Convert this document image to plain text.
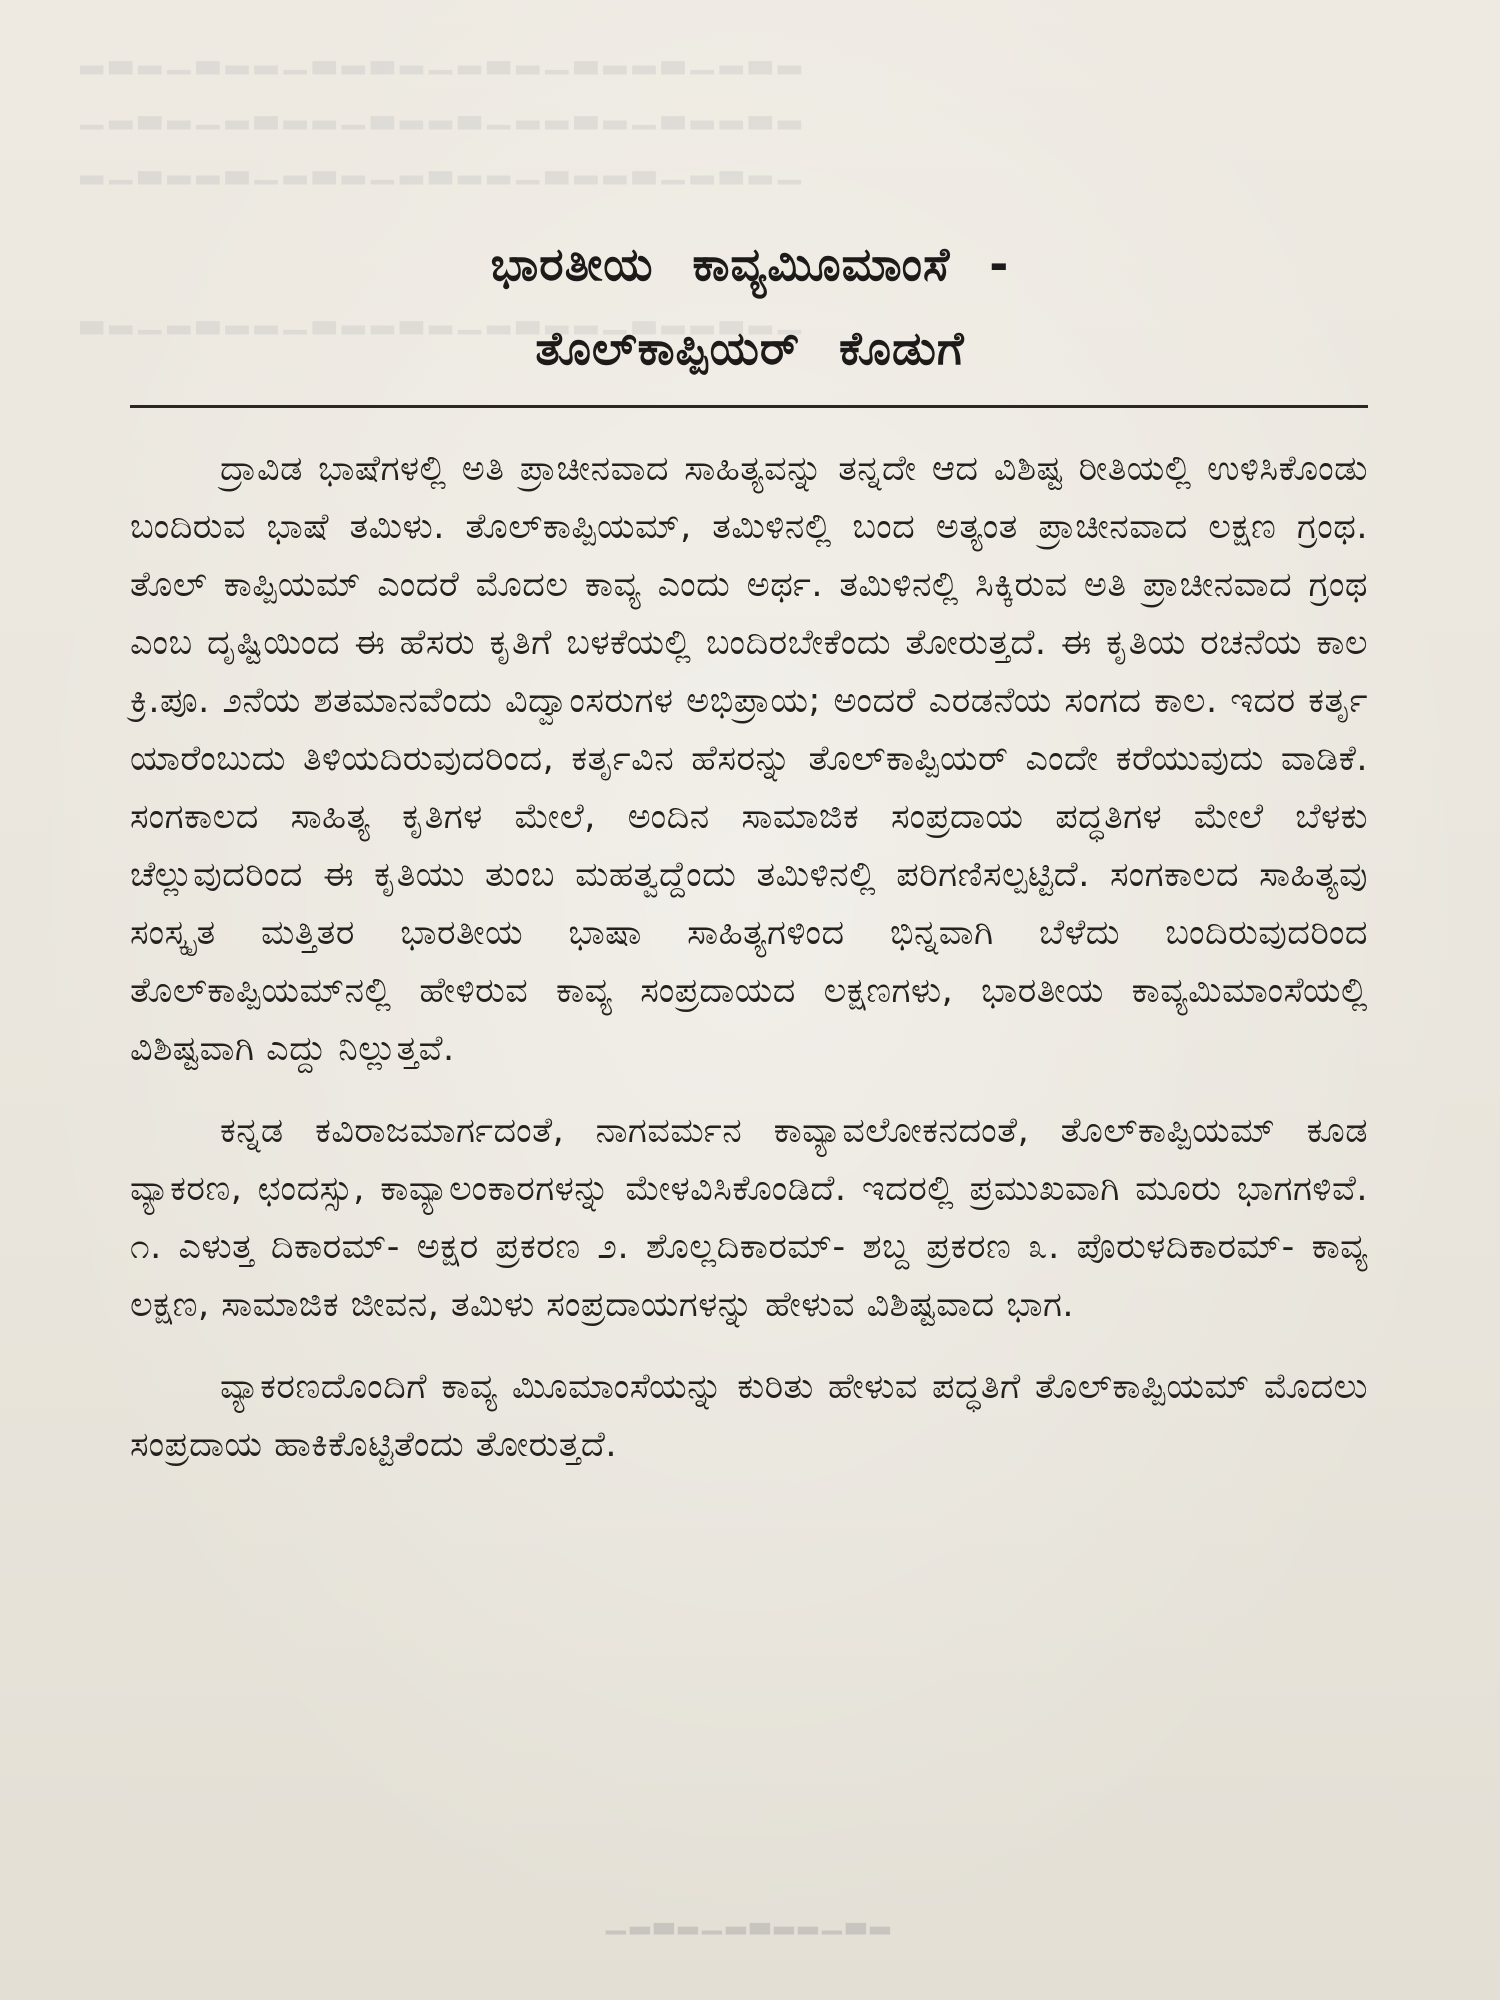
▂▃▂▁▃▂▂▁▃▂▃▂▁▂▃▂▁▃▂▂▃▁▂▃▂
▁▂▃▂▁▂▃▂▂▁▃▂▂▃▁▂▂▃▂▁▃▂▂▃▂
▂▁▃▂▂▃▁▂▃▂▁▂▃▂▂▁▃▂▂▃▁▂▃▂▁
▃▂▁▂▃▂▂▁▃▂▂▃▂▁▂▃▂▂▁▃▂▂▃▂▁
ಭಾರತೀಯ ಕಾವ್ಯಮಿೂಮಾಂಸೆ -
ತೊಲ್‌ಕಾಪ್ಪಿಯರ್ ಕೊಡುಗೆ

ದ್ರಾವಿಡ ಭಾಷೆಗಳಲ್ಲಿ ಅತಿ ಪ್ರಾಚೀನವಾದ ಸಾಹಿತ್ಯವನ್ನು ತನ್ನದೇ ಆದ ವಿಶಿಷ್ಟ ರೀತಿಯಲ್ಲಿ ಉಳಿಸಿಕೊಂಡು ಬಂದಿರುವ ಭಾಷೆ ತಮಿಳು. ತೊಲ್‌ಕಾಪ್ಪಿಯಮ್, ತಮಿಳಿನಲ್ಲಿ ಬಂದ ಅತ್ಯಂತ ಪ್ರಾಚೀನವಾದ ಲಕ್ಷಣ ಗ್ರಂಥ. ತೊಲ್ ಕಾಪ್ಪಿಯಮ್ ಎಂದರೆ ಮೊದಲ ಕಾವ್ಯ ಎಂದು ಅರ್ಥ. ತಮಿಳಿನಲ್ಲಿ ಸಿಕ್ಕಿರುವ ಅತಿ ಪ್ರಾಚೀನವಾದ ಗ್ರಂಥ ಎಂಬ ದೃಷ್ಟಿಯಿಂದ ಈ ಹೆಸರು ಕೃತಿಗೆ ಬಳಕೆಯಲ್ಲಿ ಬಂದಿರಬೇಕೆಂದು ತೋರುತ್ತದೆ. ಈ ಕೃತಿಯ ರಚನೆಯ ಕಾಲ ಕ್ರಿ.ಪೂ. ೨ನೆಯ ಶತಮಾನವೆಂದು ವಿದ್ವಾಂಸರುಗಳ ಅಭಿಪ್ರಾಯ; ಅಂದರೆ ಎರಡನೆಯ ಸಂಗದ ಕಾಲ. ಇದರ ಕರ್ತೃ ಯಾರೆಂಬುದು ತಿಳಿಯದಿರುವುದರಿಂದ, ಕರ್ತೃವಿನ ಹೆಸರನ್ನು ತೊಲ್‌ಕಾಪ್ಪಿಯರ್ ಎಂದೇ ಕರೆಯುವುದು ವಾಡಿಕೆ. ಸಂಗಕಾಲದ ಸಾಹಿತ್ಯ ಕೃತಿಗಳ ಮೇಲೆ, ಅಂದಿನ ಸಾಮಾಜಿಕ ಸಂಪ್ರದಾಯ ಪದ್ಧತಿಗಳ ಮೇಲೆ ಬೆಳಕು ಚೆಲ್ಲುವುದರಿಂದ ಈ ಕೃತಿಯು ತುಂಬ ಮಹತ್ವದ್ದೆಂದು ತಮಿಳಿನಲ್ಲಿ ಪರಿಗಣಿಸಲ್ಪಟ್ಟಿದೆ. ಸಂಗಕಾಲದ ಸಾಹಿತ್ಯವು ಸಂಸ್ಕೃತ ಮತ್ತಿತರ ಭಾರತೀಯ ಭಾಷಾ ಸಾಹಿತ್ಯಗಳಿಂದ ಭಿನ್ನವಾಗಿ ಬೆಳೆದು ಬಂದಿರುವುದರಿಂದ ತೊಲ್‌ಕಾಪ್ಪಿಯಮ್‌ನಲ್ಲಿ ಹೇಳಿರುವ ಕಾವ್ಯ ಸಂಪ್ರದಾಯದ ಲಕ್ಷಣಗಳು, ಭಾರತೀಯ ಕಾವ್ಯಮಿಮಾಂಸೆಯಲ್ಲಿ ವಿಶಿಷ್ಟವಾಗಿ ಎದ್ದು ನಿಲ್ಲುತ್ತವೆ.

ಕನ್ನಡ ಕವಿರಾಜಮಾರ್ಗದಂತೆ, ನಾಗವರ್ಮನ ಕಾವ್ಯಾವಲೋಕನದಂತೆ, ತೊಲ್‌ಕಾಪ್ಪಿಯಮ್ ಕೂಡ ವ್ಯಾಕರಣ, ಛಂದಸ್ಸು, ಕಾವ್ಯಾಲಂಕಾರಗಳನ್ನು ಮೇಳವಿಸಿಕೊಂಡಿದೆ. ಇದರಲ್ಲಿ ಪ್ರಮುಖವಾಗಿ ಮೂರು ಭಾಗಗಳಿವೆ. ೧. ಎಳುತ್ತ ದಿಕಾರಮ್- ಅಕ್ಷರ ಪ್ರಕರಣ ೨. ಶೊಲ್ಲದಿಕಾರಮ್- ಶಬ್ದ ಪ್ರಕರಣ ೩. ಪೊರುಳದಿಕಾರಮ್- ಕಾವ್ಯ ಲಕ್ಷಣ, ಸಾಮಾಜಿಕ ಜೀವನ, ತಮಿಳು ಸಂಪ್ರದಾಯಗಳನ್ನು ಹೇಳುವ ವಿಶಿಷ್ಟವಾದ ಭಾಗ.

ವ್ಯಾಕರಣದೊಂದಿಗೆ ಕಾವ್ಯ ಮಿೂಮಾಂಸೆಯನ್ನು ಕುರಿತು ಹೇಳುವ ಪದ್ಧತಿಗೆ ತೊಲ್‌ಕಾಪ್ಪಿಯಮ್ ಮೊದಲು ಸಂಪ್ರದಾಯ ಹಾಕಿಕೊಟ್ಟಿತೆಂದು ತೋರುತ್ತದೆ.

▁▂▃▂▁▂▃▂▂▁▃▂
